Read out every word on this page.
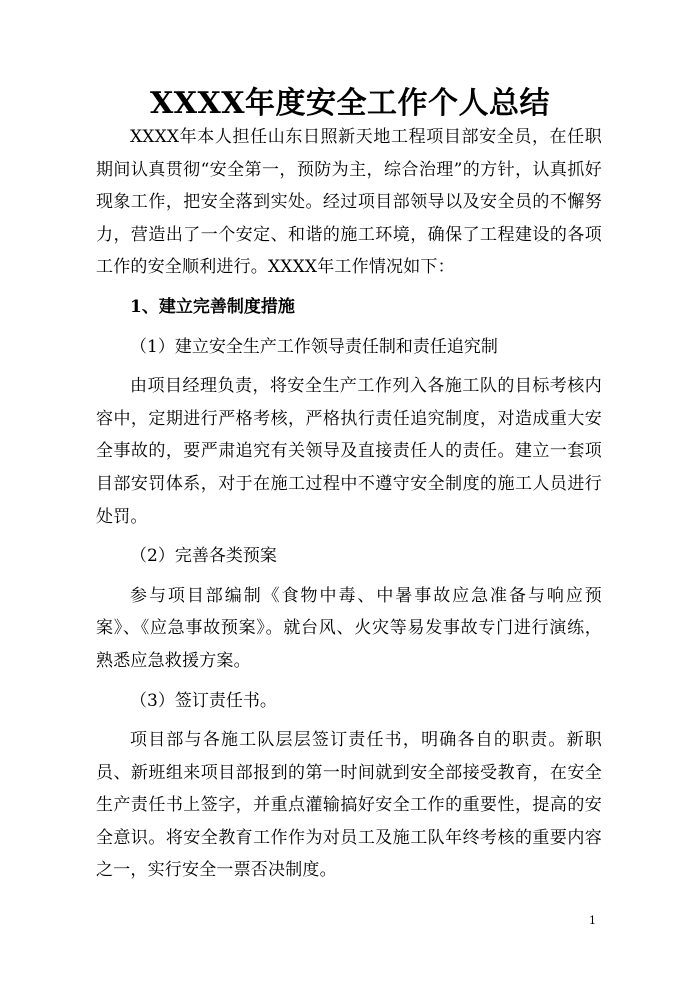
XXXX年度安全工作个人总结

XXXX年本人担任山东日照新天地工程项目部安全员，在任职期间认真贯彻“安全第一，预防为主，综合治理”的方针，认真抓好现象工作，把安全落到实处。经过项目部领导以及安全员的不懈努力，营造出了一个安定、和谐的施工环境，确保了工程建设的各项工作的安全顺利进行。XXXX年工作情况如下：

1、建立完善制度措施

（1）建立安全生产工作领导责任制和责任追究制

由项目经理负责，将安全生产工作列入各施工队的目标考核内容中，定期进行严格考核，严格执行责任追究制度，对造成重大安全事故的，要严肃追究有关领导及直接责任人的责任。建立一套项目部安罚体系，对于在施工过程中不遵守安全制度的施工人员进行处罚。

（2）完善各类预案

参与项目部编制《食物中毒、中暑事故应急准备与响应预案》、《应急事故预案》。就台风、火灾等易发事故专门进行演练，熟悉应急救援方案。

（3）签订责任书。

项目部与各施工队层层签订责任书，明确各自的职责。新职员、新班组来项目部报到的第一时间就到安全部接受教育，在安全生产责任书上签字，并重点灌输搞好安全工作的重要性，提高的安全意识。将安全教育工作作为对员工及施工队年终考核的重要内容之一，实行安全一票否决制度。

1
